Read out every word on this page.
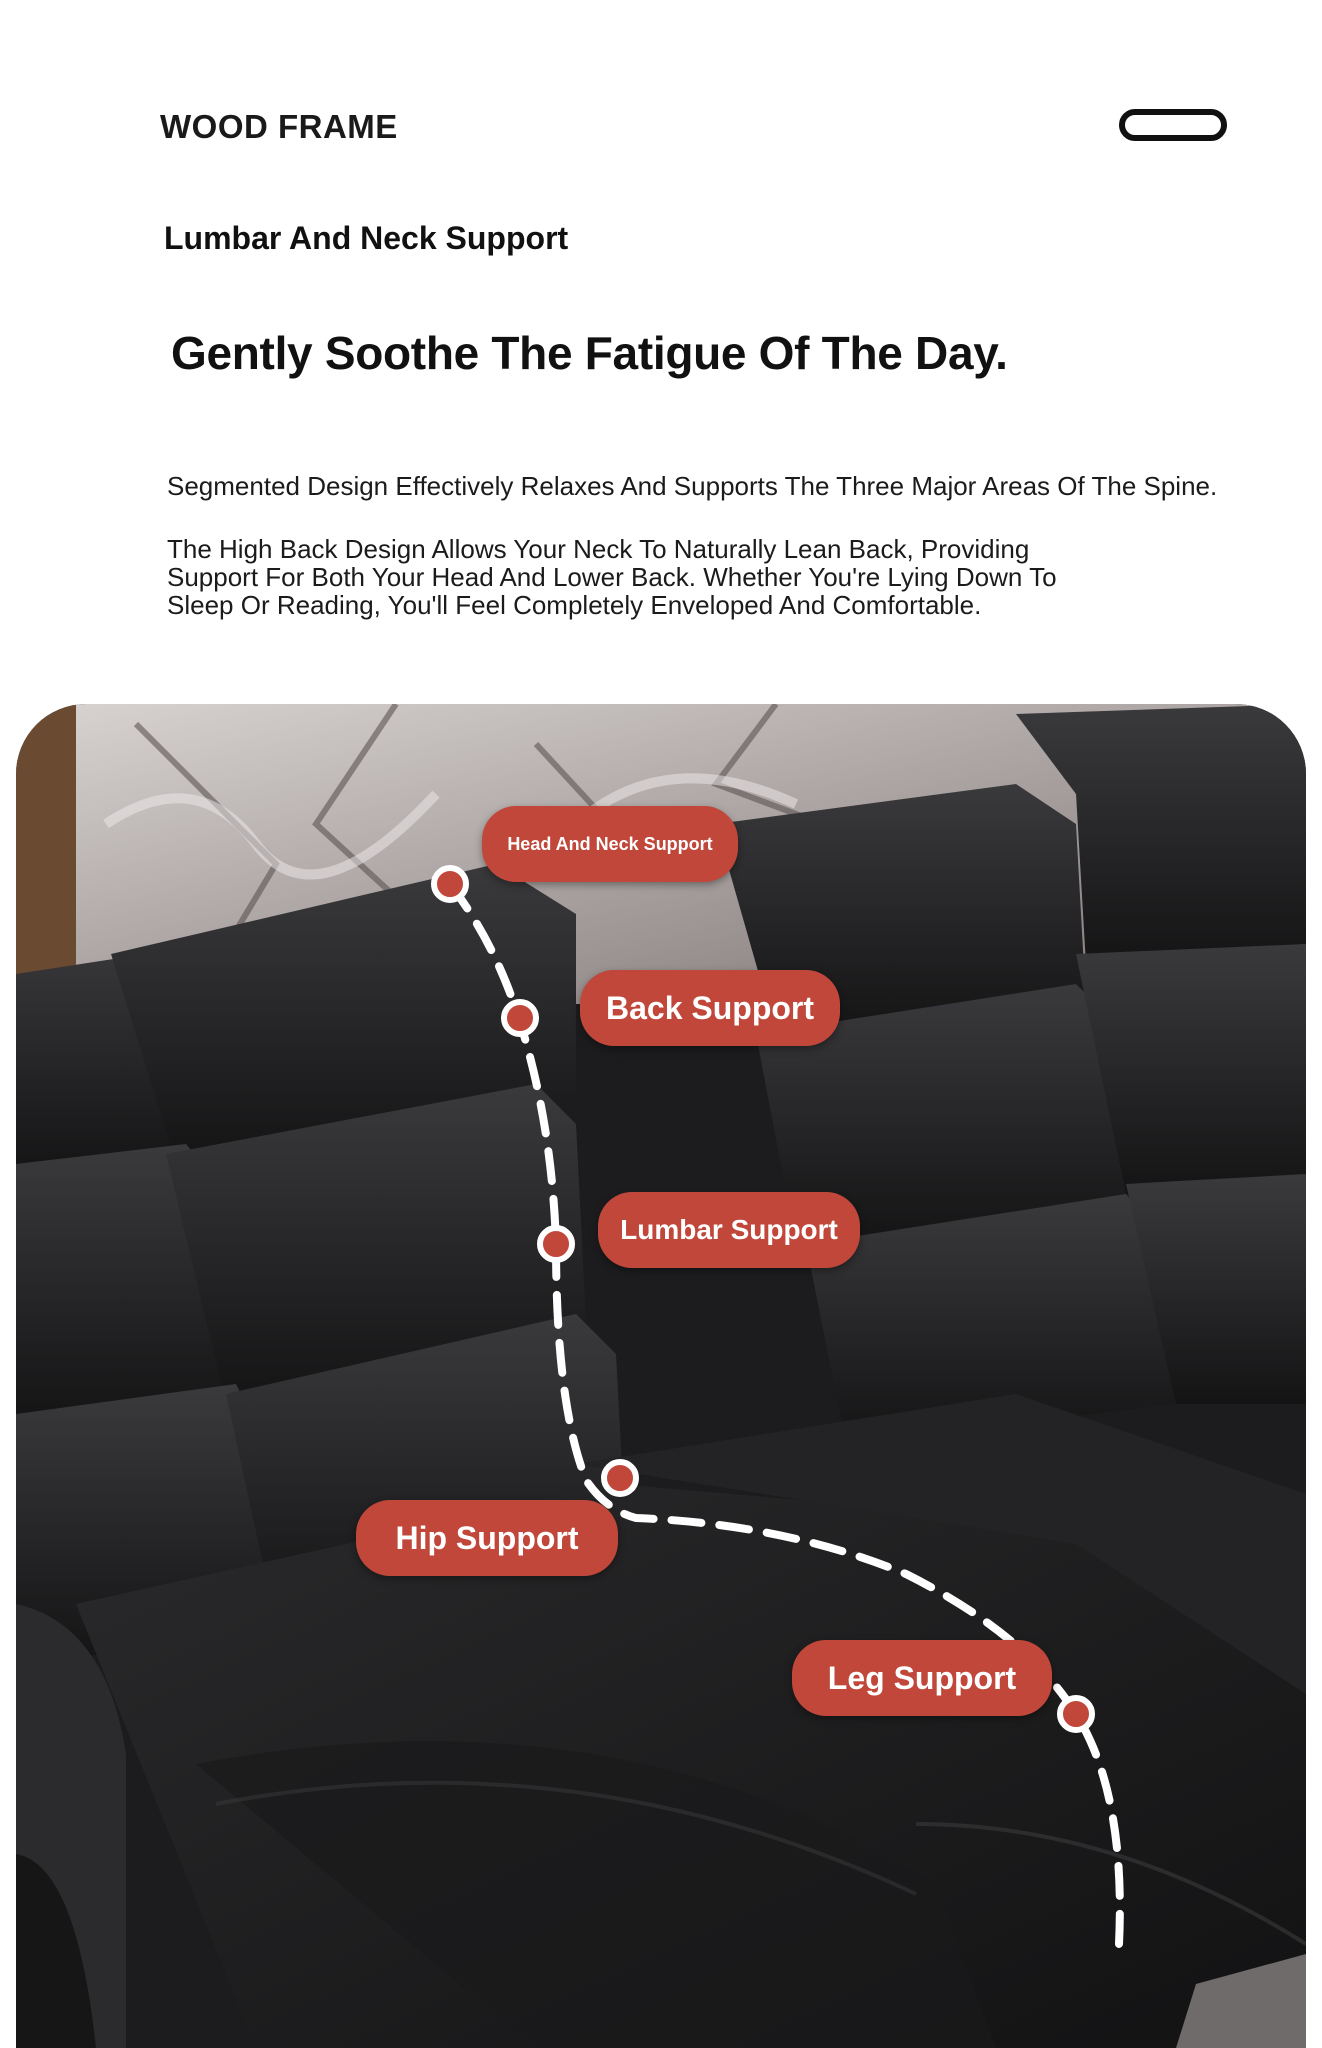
WOOD FRAME
Lumbar And Neck Support
Gently Soothe The Fatigue Of The Day.
Segmented Design Effectively Relaxes And Supports The Three Major Areas Of The Spine.
The High Back Design Allows Your Neck To Naturally Lean Back, Providing Support For Both Your Head And Lower Back. Whether You're Lying Down To Sleep Or Reading, You'll Feel Completely Enveloped And Comfortable.
Head And Neck Support
Back Support
Lumbar Support
Hip Support
Leg Support
